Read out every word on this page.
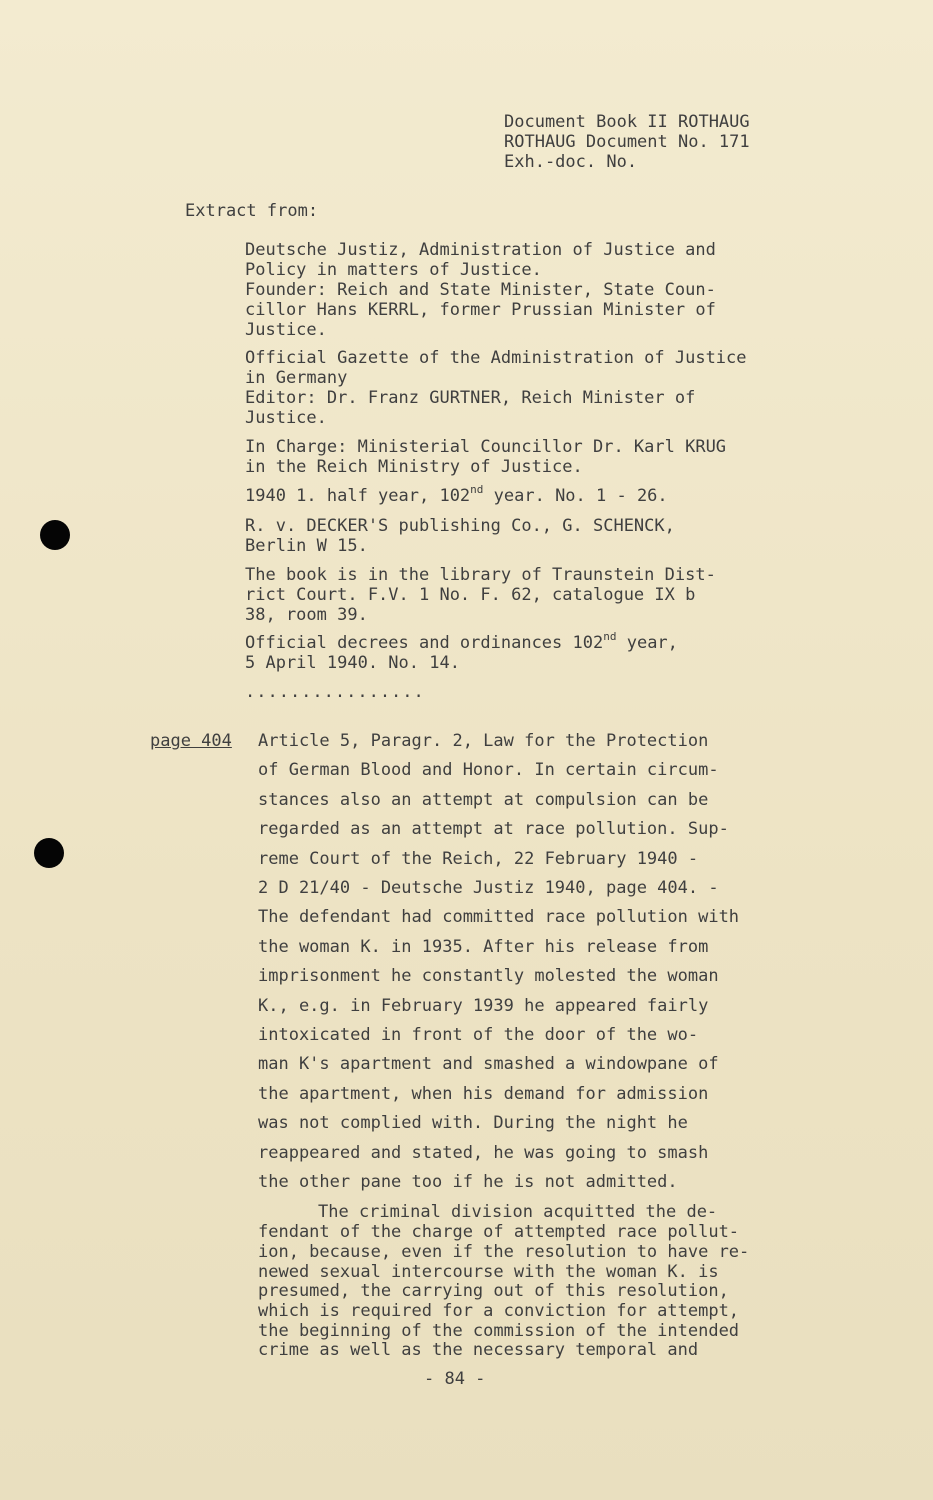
Document Book II ROTHAUG
ROTHAUG Document No. 171
Exh.-doc. No.
Extract from:
Deutsche Justiz, Administration of Justice and
Policy in matters of Justice.
Founder: Reich and State Minister, State Coun-
cillor Hans KERRL, former Prussian Minister of
Justice.
Official Gazette of the Administration of Justice
in Germany
Editor: Dr. Franz GURTNER, Reich Minister of
Justice.
In Charge: Ministerial Councillor Dr. Karl KRUG
in the Reich Ministry of Justice.
1940 1. half year, 102nd year. No. 1 - 26.
R. v. DECKER'S publishing Co., G. SCHENCK,
Berlin W 15.
The book is in the library of Traunstein Dist-
rict Court. F.V. 1 No. F. 62, catalogue IX b
38, room 39.
Official decrees and ordinances 102nd year,
5 April 1940. No. 14.
................
page 404 Article 5, Paragr. 2, Law for the Protection
of German Blood and Honor. In certain circum-
stances also an attempt at compulsion can be
regarded as an attempt at race pollution. Sup-
reme Court of the Reich, 22 February 1940 -
2 D 21/40 - Deutsche Justiz 1940, page 404. -
The defendant had committed race pollution with
the woman K. in 1935. After his release from
imprisonment he constantly molested the woman
K., e.g. in February 1939 he appeared fairly
intoxicated in front of the door of the wo-
man K's apartment and smashed a windowpane of
the apartment, when his demand for admission
was not complied with. During the night he
reappeared and stated, he was going to smash
the other pane too if he is not admitted.
The criminal division acquitted the de-
fendant of the charge of attempted race pollut-
ion, because, even if the resolution to have re-
newed sexual intercourse with the woman K. is
presumed, the carrying out of this resolution,
which is required for a conviction for attempt,
the beginning of the commission of the intended
crime as well as the necessary temporal and
- 84 -
